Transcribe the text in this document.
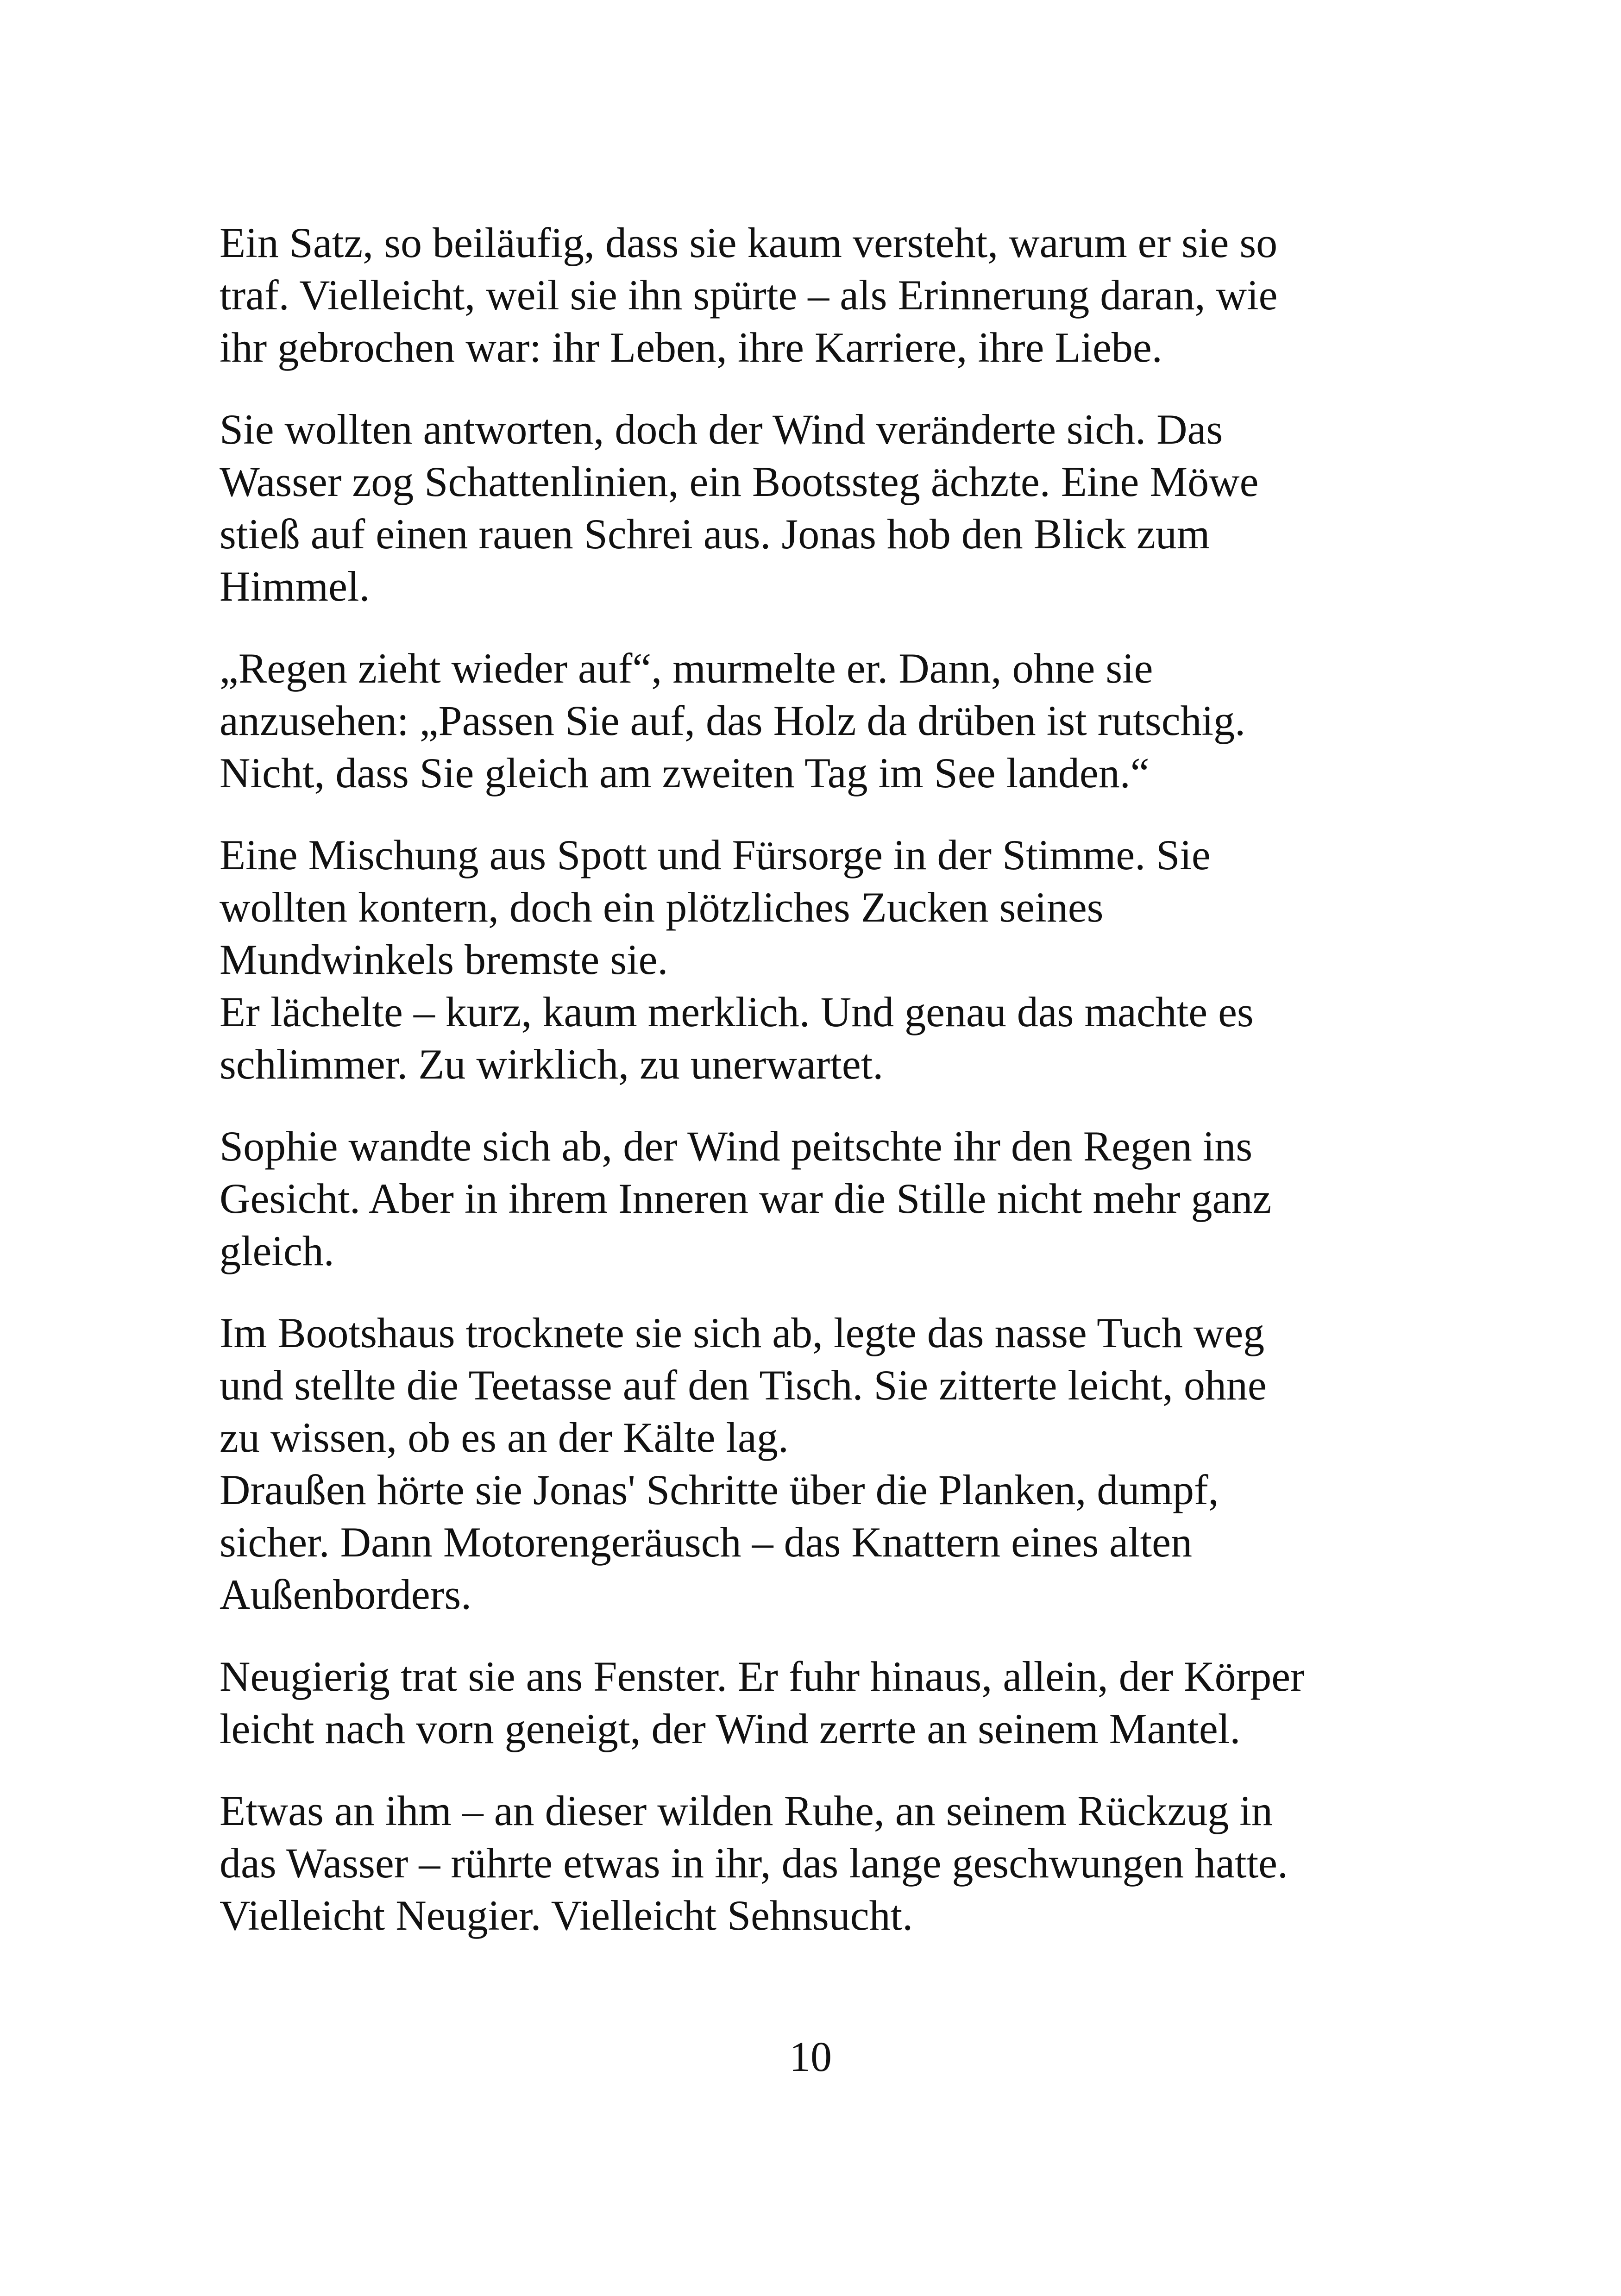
Ein Satz, so beiläufig, dass sie kaum versteht, warum er sie so
traf. Vielleicht, weil sie ihn spürte – als Erinnerung daran, wie
ihr gebrochen war: ihr Leben, ihre Karriere, ihre Liebe.

Sie wollten antworten, doch der Wind veränderte sich. Das
Wasser zog Schattenlinien, ein Bootssteg ächzte. Eine Möwe
stieß auf einen rauen Schrei aus. Jonas hob den Blick zum
Himmel.

„Regen zieht wieder auf“, murmelte er. Dann, ohne sie
anzusehen: „Passen Sie auf, das Holz da drüben ist rutschig.
Nicht, dass Sie gleich am zweiten Tag im See landen.“

Eine Mischung aus Spott und Fürsorge in der Stimme. Sie
wollten kontern, doch ein plötzliches Zucken seines
Mundwinkels bremste sie.
Er lächelte – kurz, kaum merklich. Und genau das machte es
schlimmer. Zu wirklich, zu unerwartet.

Sophie wandte sich ab, der Wind peitschte ihr den Regen ins
Gesicht. Aber in ihrem Inneren war die Stille nicht mehr ganz
gleich.

Im Bootshaus trocknete sie sich ab, legte das nasse Tuch weg
und stellte die Teetasse auf den Tisch. Sie zitterte leicht, ohne
zu wissen, ob es an der Kälte lag.
Draußen hörte sie Jonas' Schritte über die Planken, dumpf,
sicher. Dann Motorengeräusch – das Knattern eines alten
Außenborders.

Neugierig trat sie ans Fenster. Er fuhr hinaus, allein, der Körper
leicht nach vorn geneigt, der Wind zerrte an seinem Mantel.

Etwas an ihm – an dieser wilden Ruhe, an seinem Rückzug in
das Wasser – rührte etwas in ihr, das lange geschwungen hatte.
Vielleicht Neugier. Vielleicht Sehnsucht.

10
